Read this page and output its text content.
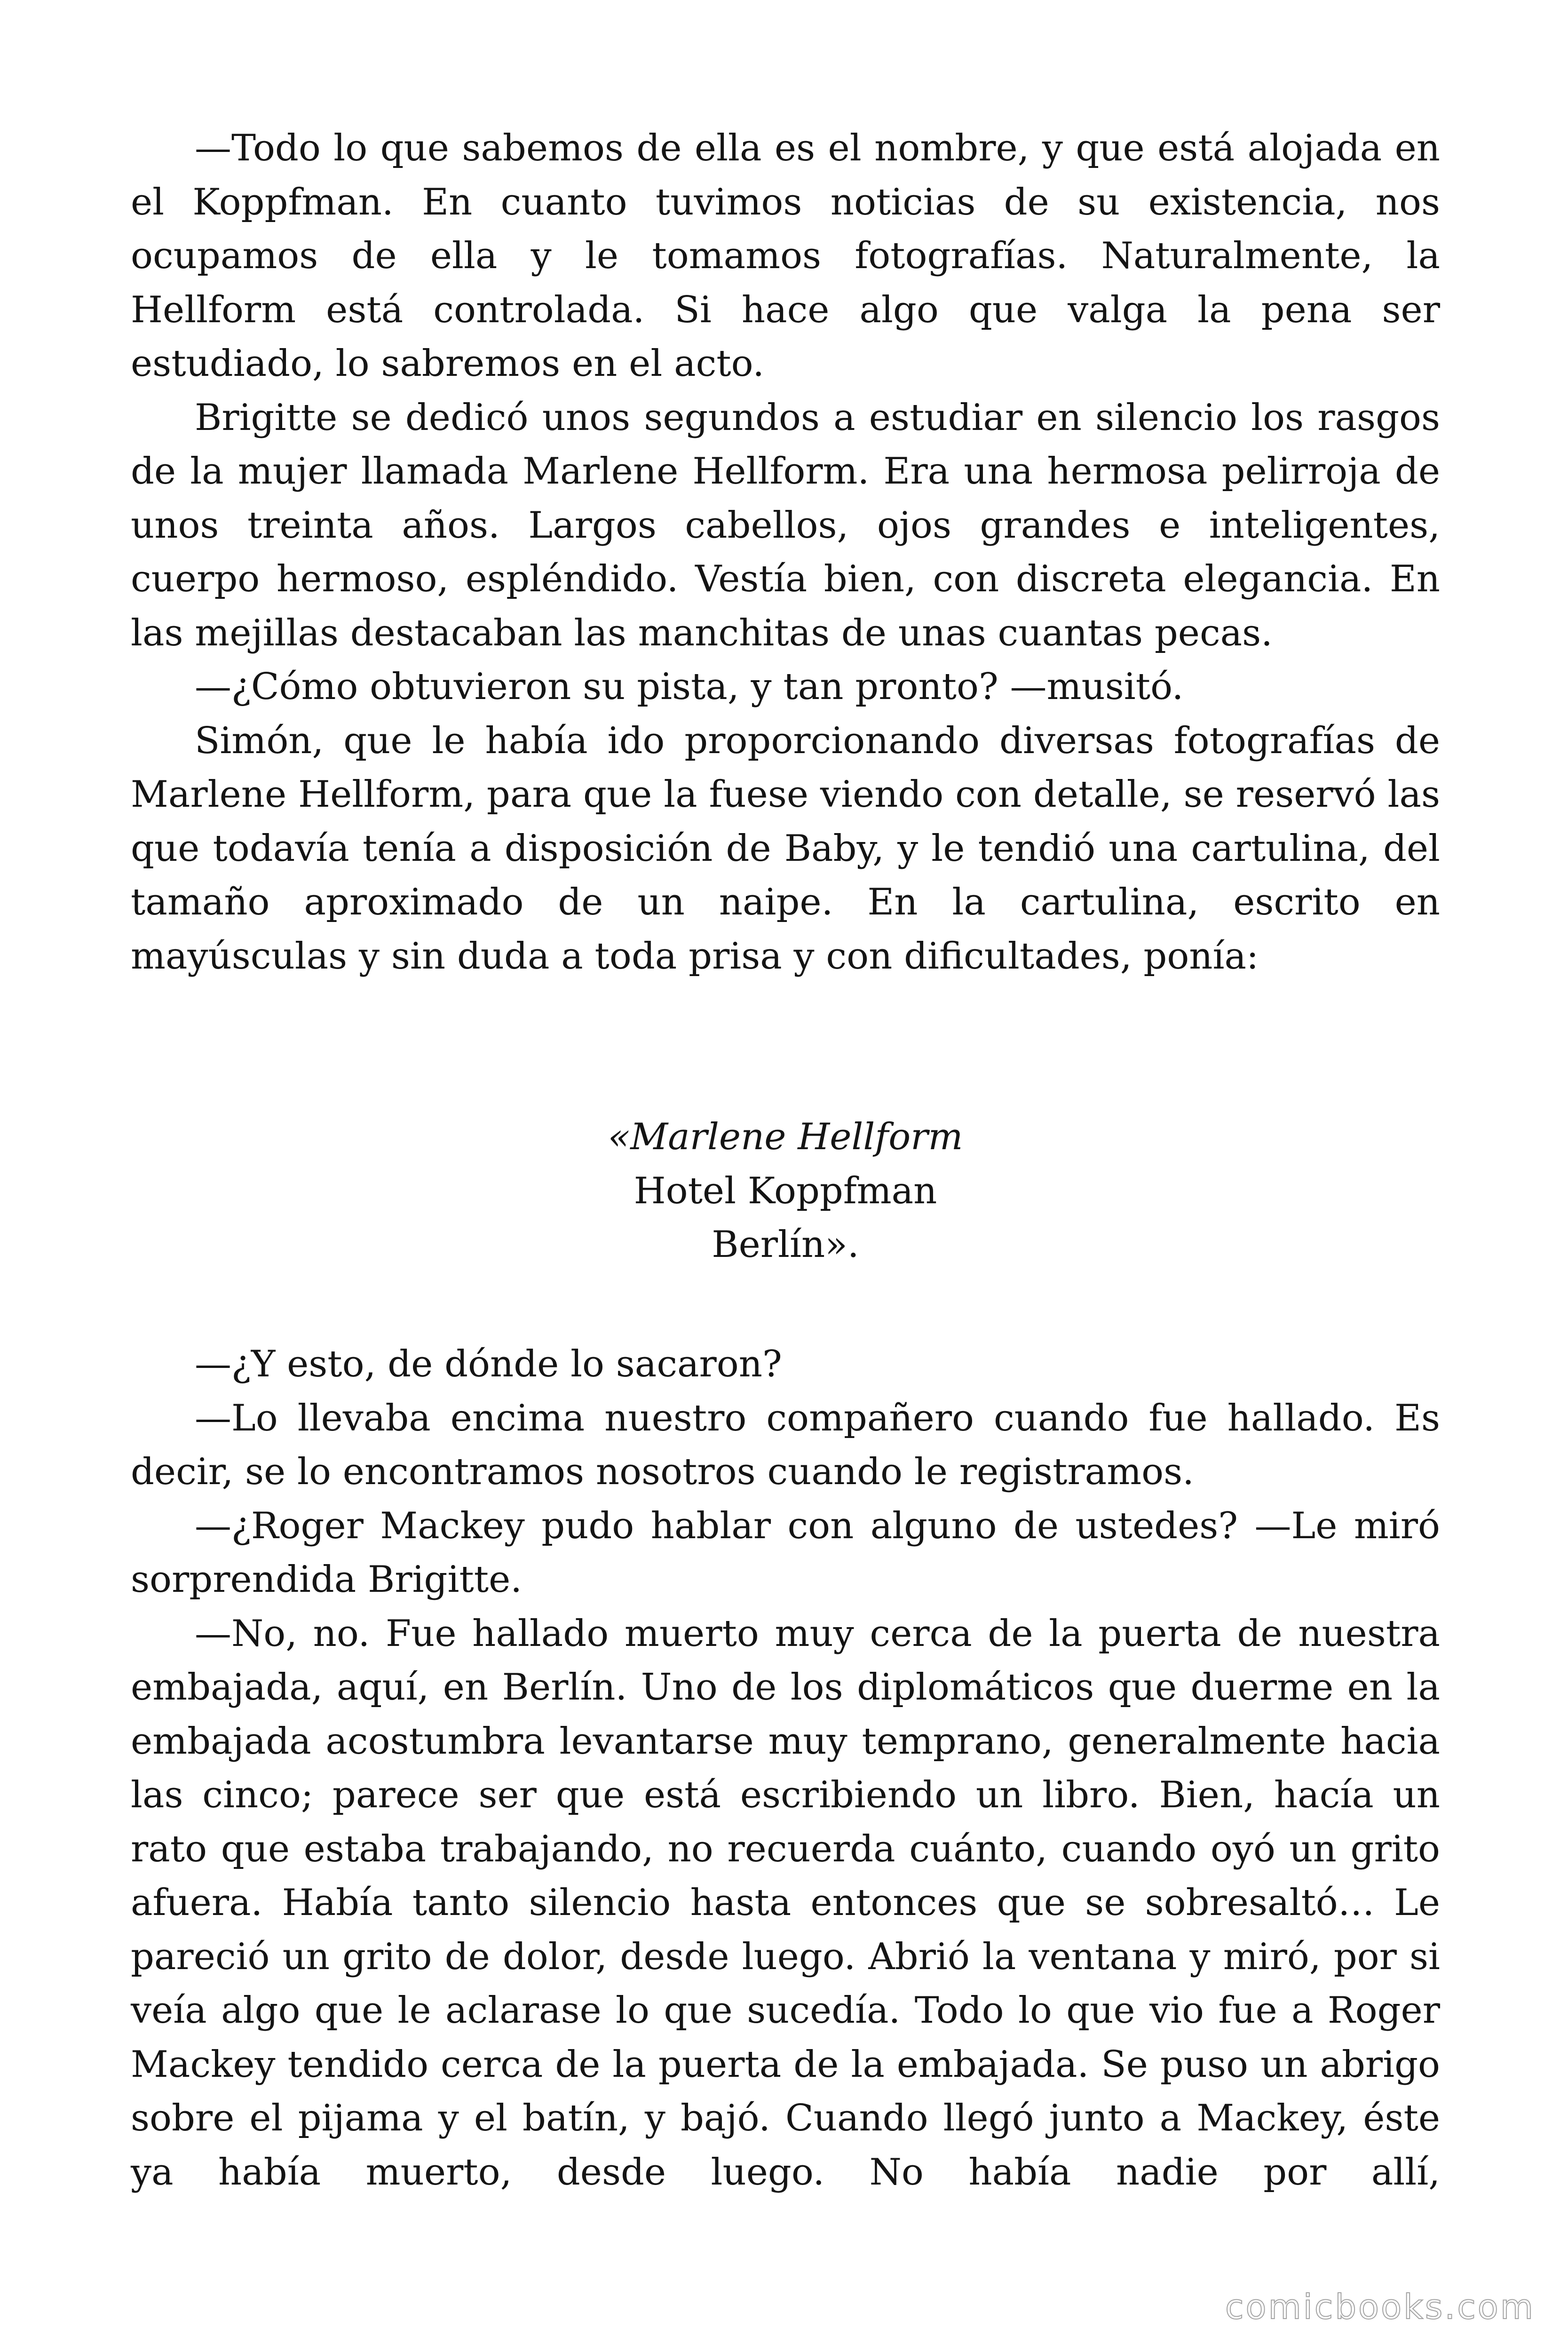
—Todo lo que sabemos de ella es el nombre, y que está alojada en el Koppfman. En cuanto tuvimos noticias de su existencia, nos ocupamos de ella y le tomamos fotografías. Naturalmente, la Hellform está controlada. Si hace algo que valga la pena ser estudiado, lo sabremos en el acto.

Brigitte se dedicó unos segundos a estudiar en silencio los rasgos de la mujer llamada Marlene Hellform. Era una hermosa pelirroja de unos treinta años. Largos cabellos, ojos grandes e inteligentes, cuerpo hermoso, espléndido. Vestía bien, con discreta elegancia. En las mejillas destacaban las manchitas de unas cuantas pecas.

—¿Cómo obtuvieron su pista, y tan pronto? —musitó.

Simón, que le había ido proporcionando diversas fotografías de Marlene Hellform, para que la fuese viendo con detalle, se reservó las que todavía tenía a disposición de Baby, y le tendió una cartulina, del tamaño aproximado de un naipe. En la cartulina, escrito en mayúsculas y sin duda a toda prisa y con dificultades, ponía:

«Marlene Hellform
Hotel Koppfman
Berlín».

—¿Y esto, de dónde lo sacaron?

—Lo llevaba encima nuestro compañero cuando fue hallado. Es decir, se lo encontramos nosotros cuando le registramos.

—¿Roger Mackey pudo hablar con alguno de ustedes? —Le miró sorprendida Brigitte.

—No, no. Fue hallado muerto muy cerca de la puerta de nuestra embajada, aquí, en Berlín. Uno de los diplomáticos que duerme en la embajada acostumbra levantarse muy temprano, generalmente hacia las cinco; parece ser que está escribiendo un libro. Bien, hacía un rato que estaba trabajando, no recuerda cuánto, cuando oyó un grito afuera. Había tanto silencio hasta entonces que se sobresaltó… Le pareció un grito de dolor, desde luego. Abrió la ventana y miró, por si veía algo que le aclarase lo que sucedía. Todo lo que vio fue a Roger Mackey tendido cerca de la puerta de la embajada. Se puso un abrigo sobre el pijama y el batín, y bajó. Cuando llegó junto a Mackey, éste ya había muerto, desde luego. No había nadie por allí,

comicbooks.com
